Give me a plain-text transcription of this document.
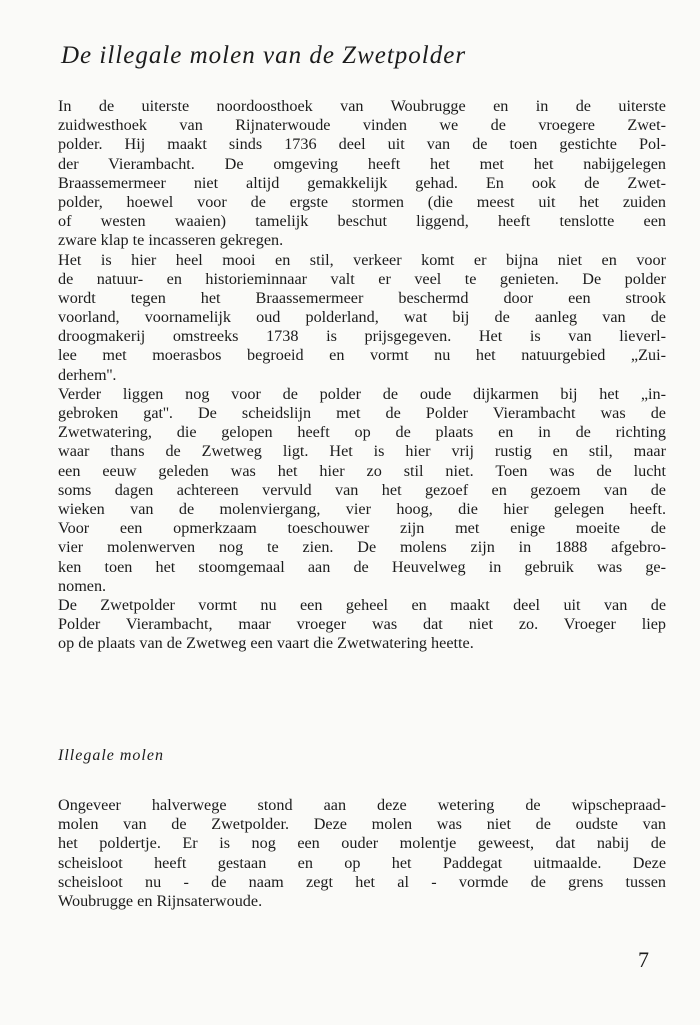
De illegale molen van de Zwetpolder
In de uiterste noordoosthoek van Woubrugge en in de uiterste
zuidwesthoek van Rijnaterwoude vinden we de vroegere Zwet-
polder. Hij maakt sinds 1736 deel uit van de toen gestichte Pol-
der Vierambacht. De omgeving heeft het met het nabijgelegen
Braassemermeer niet altijd gemakkelijk gehad. En ook de Zwet-
polder, hoewel voor de ergste stormen (die meest uit het zuiden
of westen waaien) tamelijk beschut liggend, heeft tenslotte een
zware klap te incasseren gekregen.
Het is hier heel mooi en stil, verkeer komt er bijna niet en voor
de natuur- en historieminnaar valt er veel te genieten. De polder
wordt tegen het Braassemermeer beschermd door een strook
voorland, voornamelijk oud polderland, wat bij de aanleg van de
droogmakerij omstreeks 1738 is prijsgegeven. Het is van lieverl-
lee met moerasbos begroeid en vormt nu het natuurgebied „Zui-
derhem''.
Verder liggen nog voor de polder de oude dijkarmen bij het „in-
gebroken gat''. De scheidslijn met de Polder Vierambacht was de
Zwetwatering, die gelopen heeft op de plaats en in de richting
waar thans de Zwetweg ligt. Het is hier vrij rustig en stil, maar
een eeuw geleden was het hier zo stil niet. Toen was de lucht
soms dagen achtereen vervuld van het gezoef en gezoem van de
wieken van de molenviergang, vier hoog, die hier gelegen heeft.
Voor een opmerkzaam toeschouwer zijn met enige moeite de
vier molenwerven nog te zien. De molens zijn in 1888 afgebro-
ken toen het stoomgemaal aan de Heuvelweg in gebruik was ge-
nomen.
De Zwetpolder vormt nu een geheel en maakt deel uit van de
Polder Vierambacht, maar vroeger was dat niet zo. Vroeger liep
op de plaats van de Zwetweg een vaart die Zwetwatering heette.
Illegale molen
Ongeveer halverwege stond aan deze wetering de wipschepraad-
molen van de Zwetpolder. Deze molen was niet de oudste van
het poldertje. Er is nog een ouder molentje geweest, dat nabij de
scheisloot heeft gestaan en op het Paddegat uitmaalde. Deze
scheisloot nu - de naam zegt het al - vormde de grens tussen
Woubrugge en Rijnsaterwoude.
7
